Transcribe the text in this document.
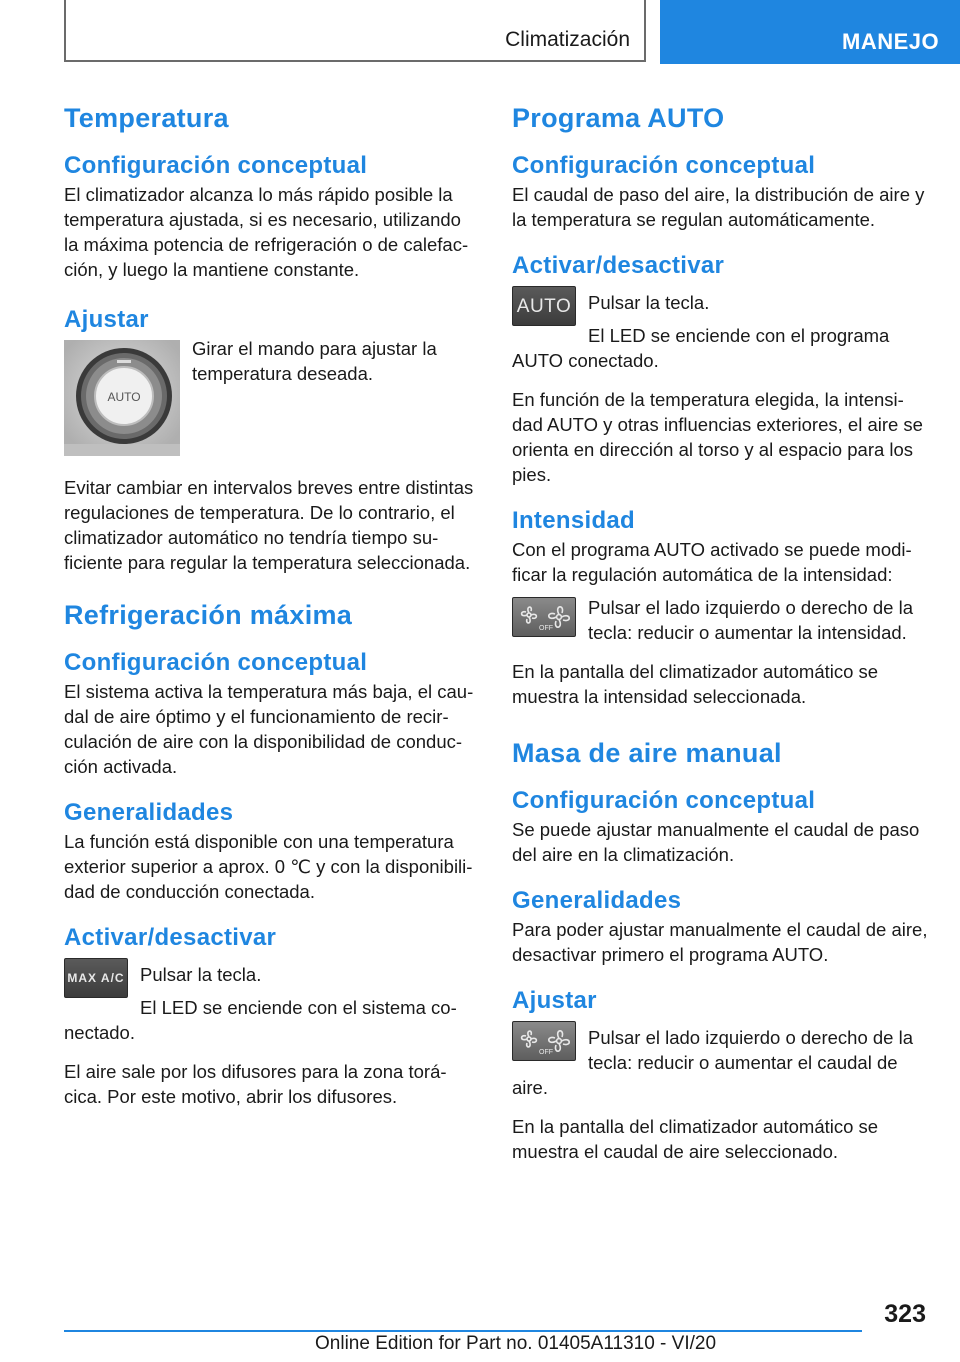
Climatización	MANEJO
Temperatura
Configuración conceptual

El climatizador alcanza lo más rápido posible la temperatura ajustada, si es necesario, utilizando la máxima potencia de refrigeración o de calefacción, y luego la mantiene constante.

Ajustar
AUTO

Girar el mando para ajustar la temperatura deseada.

Evitar cambiar en intervalos breves entre distintas regulaciones de temperatura. De lo contrario, el climatizador automático no tendría tiempo suficiente para regular la temperatura seleccionada.

Refrigeración máxima
Configuración conceptual

El sistema activa la temperatura más baja, el caudal de aire óptimo y el funcionamiento de recirculación de aire con la disponibilidad de conducción activada.

Generalidades

La función está disponible con una temperatura exterior superior a aprox. 0 ℃ y con la disponibilidad de conducción conectada.

Activar/desactivar
MAX A/C Pulsar la tecla.

El LED se enciende con el sistema conectado.

El aire sale por los difusores para la zona torácica. Por este motivo, abrir los difusores.

Programa AUTO
Configuración conceptual

El caudal de paso del aire, la distribución de aire y la temperatura se regulan automáticamente.

Activar/desactivar
AUTO Pulsar la tecla.

El LED se enciende con el programa AUTO conectado.

En función de la temperatura elegida, la intensidad AUTO y otras influencias exteriores, el aire se orienta en dirección al torso y al espacio para los pies.

Intensidad

Con el programa AUTO activado se puede modificar la regulación automática de la intensidad:

OFF

Pulsar el lado izquierdo o derecho de la tecla: reducir o aumentar la intensidad.

En la pantalla del climatizador automático se muestra la intensidad seleccionada.

Masa de aire manual
Configuración conceptual

Se puede ajustar manualmente el caudal de paso del aire en la climatización.

Generalidades

Para poder ajustar manualmente el caudal de aire, desactivar primero el programa AUTO.

Ajustar
OFF

Pulsar el lado izquierdo o derecho de la tecla: reducir o aumentar el caudal de aire.

En la pantalla del climatizador automático se muestra el caudal de aire seleccionado.

323
Online Edition for Part no. 01405A11310 - VI/20
